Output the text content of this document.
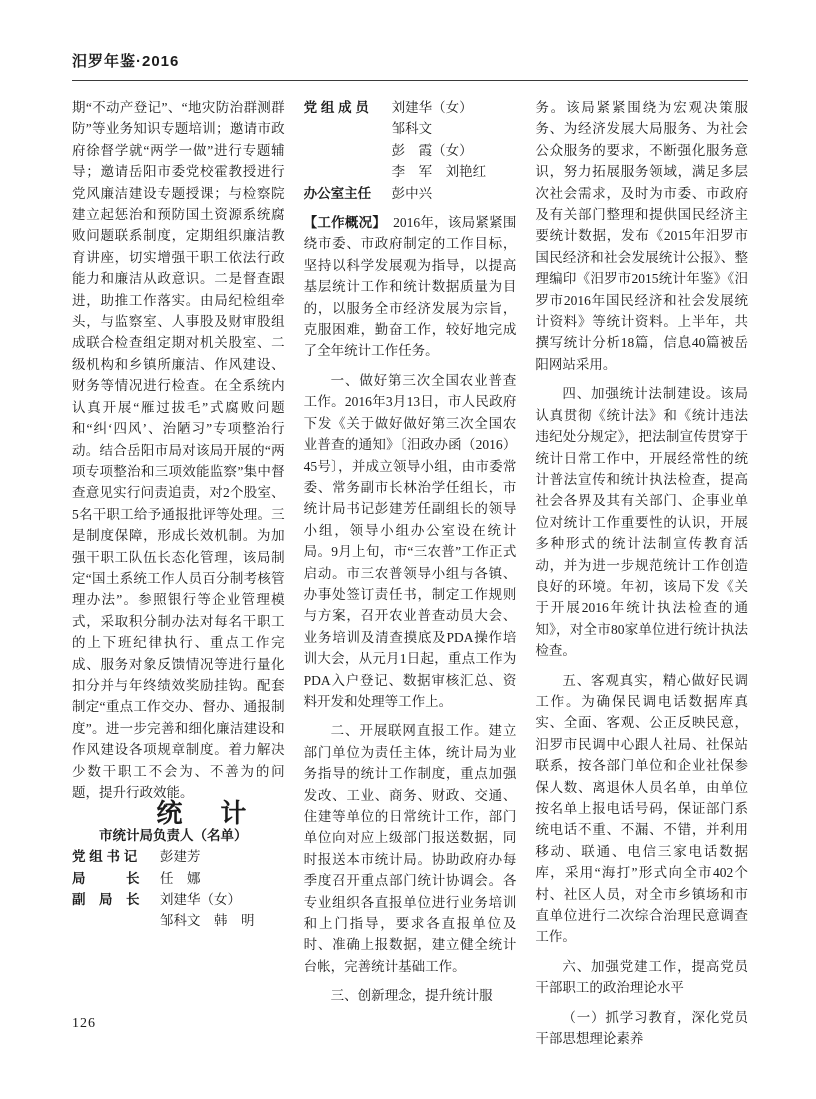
汨罗年鉴·2016

期“不动产登记”、“地灾防治群测群防”等业务知识专题培训；邀请市政府徐督学就“两学一做”进行专题辅导；邀请岳阳市委党校霍教授进行党风廉洁建设专题授课；与检察院建立起惩治和预防国土资源系统腐败问题联系制度，定期组织廉洁教育讲座，切实增强干职工依法行政能力和廉洁从政意识。二是督查跟进，助推工作落实。由局纪检组牵头，与监察室、人事股及财审股组成联合检查组定期对机关股室、二级机构和乡镇所廉洁、作风建设、财务等情况进行检查。在全系统内认真开展“雁过拔毛”式腐败问题和“纠‘四风’、治陋习”专项整治行动。结合岳阳市局对该局开展的“两项专项整治和三项效能监察”集中督查意见实行问责追责，对2个股室、5名干职工给予通报批评等处理。三是制度保障，形成长效机制。为加强干职工队伍长态化管理，该局制定“国土系统工作人员百分制考核管理办法”。参照银行等企业管理模式，采取积分制办法对每名干职工的上下班纪律执行、重点工作完成、服务对象反馈情况等进行量化扣分并与年终绩效奖励挂钩。配套制定“重点工作交办、督办、通报制度”。进一步完善和细化廉洁建设和作风建设各项规章制度。着力解决少数干职工不会为、不善为的问题，提升行政效能。

统　计

市统计局负责人（名单）

党 组 书 记	彭建芳
局　　　长	任　娜
副　局　长	刘建华（女）
邹科文　韩　明
党 组 成 员	刘建华（女）
邹科文
彭　霞（女）
李　军　刘艳红
办公室主任	彭中兴

【工作概况】　2016年，该局紧紧围绕市委、市政府制定的工作目标，坚持以科学发展观为指导，以提高基层统计工作和统计数据质量为目的，以服务全市经济发展为宗旨，克服困难，勤奋工作，较好地完成了全年统计工作任务。

一、做好第三次全国农业普查工作。2016年3月13日，市人民政府下发《关于做好做好第三次全国农业普查的通知》〔汨政办函（2016）45号〕，并成立领导小组，由市委常委、常务副市长林治学任组长，市统计局书记彭建芳任副组长的领导小组，领导小组办公室设在统计局。9月上旬，市“三农普”工作正式启动。市三农普领导小组与各镇、办事处签订责任书，制定工作规则与方案，召开农业普查动员大会、业务培训及清查摸底及PDA操作培训大会，从元月1日起，重点工作为PDA入户登记、数据审核汇总、资料开发和处理等工作上。

二、开展联网直报工作。建立部门单位为责任主体，统计局为业务指导的统计工作制度，重点加强发改、工业、商务、财政、交通、住建等单位的日常统计工作，部门单位向对应上级部门报送数据，同时报送本市统计局。协助政府办每季度召开重点部门统计协调会。各专业组织各直报单位进行业务培训和上门指导，要求各直报单位及时、准确上报数据，建立健全统计台帐，完善统计基础工作。

三、创新理念，提升统计服

务。该局紧紧围绕为宏观决策服务、为经济发展大局服务、为社会公众服务的要求，不断强化服务意识，努力拓展服务领域，满足多层次社会需求，及时为市委、市政府及有关部门整理和提供国民经济主要统计数据，发布《2015年汨罗市国民经济和社会发展统计公报》、整理编印《汨罗市2015统计年鉴》《汨罗市2016年国民经济和社会发展统计资料》等统计资料。上半年，共撰写统计分析18篇，信息40篇被岳阳网站采用。

四、加强统计法制建设。该局认真贯彻《统计法》和《统计违法违纪处分规定》，把法制宣传贯穿于统计日常工作中，开展经常性的统计普法宣传和统计执法检查，提高社会各界及其有关部门、企事业单位对统计工作重要性的认识，开展多种形式的统计法制宣传教育活动，并为进一步规范统计工作创造良好的环境。年初，该局下发《关于开展2016年统计执法检查的通知》，对全市80家单位进行统计执法检查。

五、客观真实，精心做好民调工作。为确保民调电话数据库真实、全面、客观、公正反映民意，汨罗市民调中心跟人社局、社保站联系，按各部门单位和企业社保参保人数、离退休人员名单，由单位按名单上报电话号码，保证部门系统电话不重、不漏、不错，并利用移动、联通、电信三家电话数据库，采用“海打”形式向全市402个村、社区人员，对全市乡镇场和市直单位进行二次综合治理民意调查工作。

六、加强党建工作，提高党员干部职工的政治理论水平

（一）抓学习教育，深化党员干部思想理论素养

126
